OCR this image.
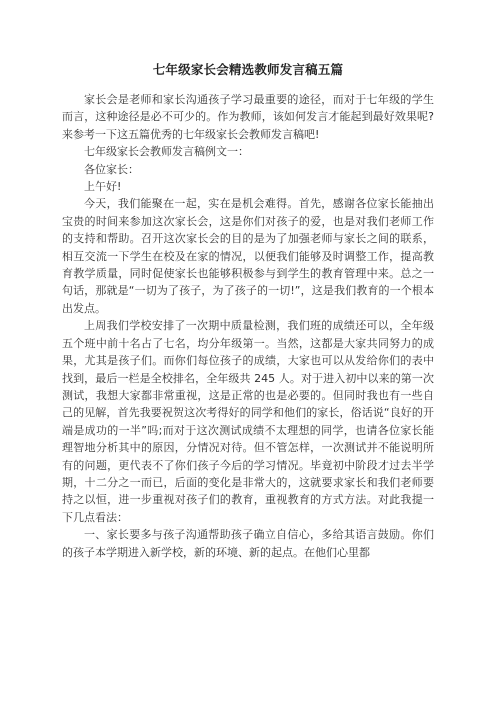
七年级家长会精选教师发言稿五篇

家长会是老师和家长沟通孩子学习最重要的途径，而对于七年级的学生而言，这种途径是必不可少的。作为教师，该如何发言才能起到最好效果呢?来参考一下这五篇优秀的七年级家长会教师发言稿吧!

七年级家长会教师发言稿例文一：

各位家长：

上午好!

今天，我们能聚在一起，实在是机会难得。首先，感谢各位家长能抽出宝贵的时间来参加这次家长会，这是你们对孩子的爱，也是对我们老师工作的支持和帮助。召开这次家长会的目的是为了加强老师与家长之间的联系，相互交流一下学生在校及在家的情况，以便我们能够及时调整工作，提高教育教学质量，同时促使家长也能够积极参与到学生的教育管理中来。总之一句话，那就是“一切为了孩子，为了孩子的一切!”，这是我们教育的一个根本出发点。

上周我们学校安排了一次期中质量检测，我们班的成绩还可以，全年级五个班中前十名占了七名，均分年级第一。当然，这都是大家共同努力的成果，尤其是孩子们。而你们每位孩子的成绩，大家也可以从发给你们的表中找到，最后一栏是全校排名，全年级共 245 人。对于进入初中以来的第一次测试，我想大家都非常重视，这是正常的也是必要的。但同时我也有一些自己的见解，首先我要祝贺这次考得好的同学和他们的家长，俗话说“良好的开端是成功的一半”吗;而对于这次测试成绩不太理想的同学，也请各位家长能理智地分析其中的原因，分情况对待。但不管怎样，一次测试并不能说明所有的问题，更代表不了你们孩子今后的学习情况。毕竟初中阶段才过去半学期，十二分之一而已，后面的变化是非常大的，这就要求家长和我们老师要持之以恒，进一步重视对孩子们的教育，重视教育的方式方法。对此我提一下几点看法：

一、家长要多与孩子沟通帮助孩子确立自信心，多给其语言鼓励。你们的孩子本学期进入新学校，新的环境、新的起点。在他们心里都
